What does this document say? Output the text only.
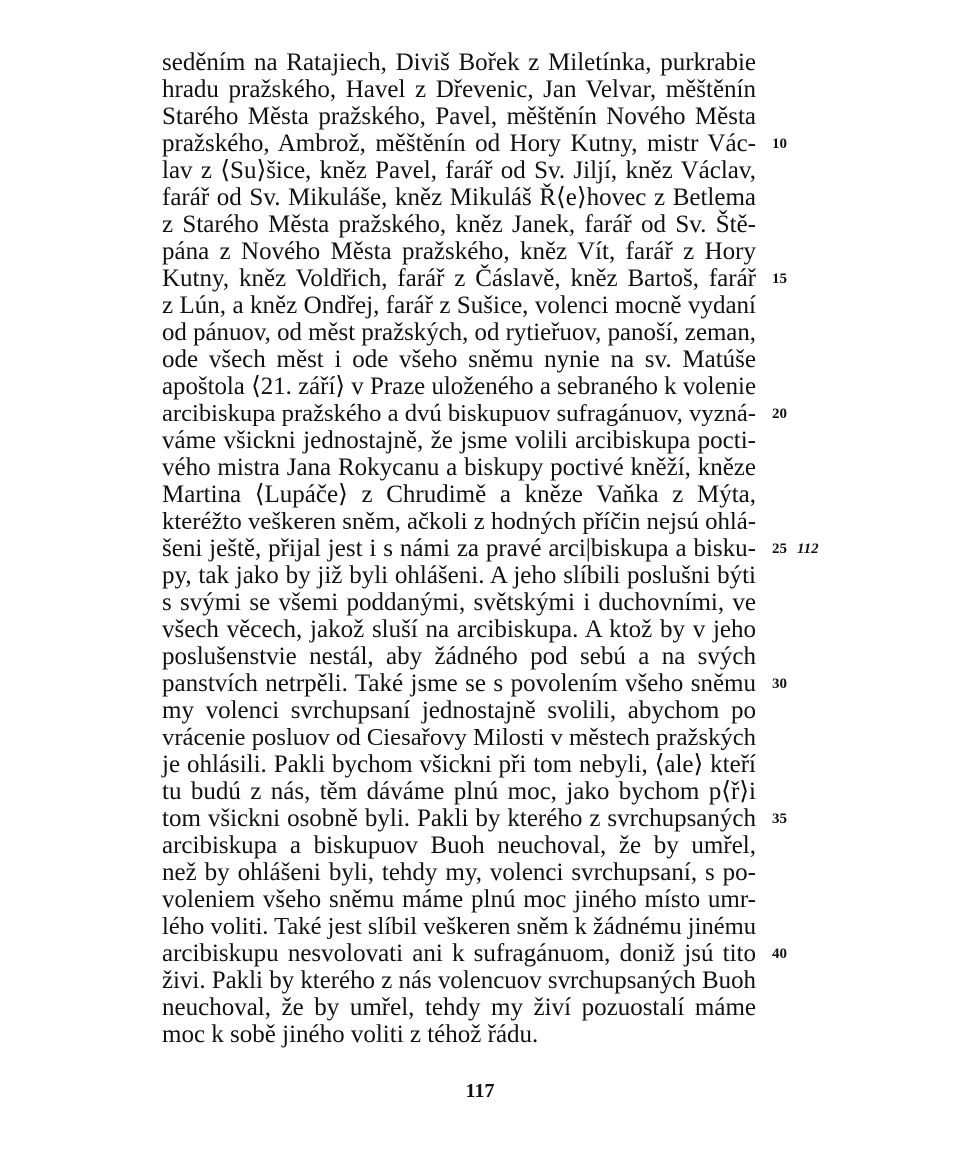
seděním na Ratajiech, Diviš Bořek z Miletínka, purkrabie
hradu pražského, Havel z Dřevenic, Jan Velvar, měštěnín
Starého Města pražského, Pavel, měštěnín Nového Města
pražského, Ambrož, měštěnín od Hory Kutny, mistr Vác- 10
lav z ⟨Su⟩šice, kněz Pavel, farář od Sv. Jiljí, kněz Václav,
farář od Sv. Mikuláše, kněz Mikuláš Ř⟨e⟩hovec z Betlema
z Starého Města pražského, kněz Janek, farář od Sv. Ště-
pána z Nového Města pražského, kněz Vít, farář z Hory
Kutny, kněz Voldřich, farář z Čáslavě, kněz Bartoš, farář 15
z Lún, a kněz Ondřej, farář z Sušice, volenci mocně vydaní
od pánuov, od měst pražských, od rytieřuov, panoší, zeman,
ode všech měst i ode všeho sněmu nynie na sv. Matúše
apoštola ⟨21. září⟩ v Praze uloženého a sebraného k volenie
arcibiskupa pražského a dvú biskupuov sufragánuov, vyzná- 20
váme všickni jednostajně, že jsme volili arcibiskupa pocti-
vého mistra Jana Rokycanu a biskupy poctivé kněží, kněze
Martina ⟨Lupáče⟩ z Chrudimě a kněze Vaňka z Mýta,
kteréžto veškeren sněm, ačkoli z hodných příčin nejsú ohlá-
šeni ještě, přijal jest i s námi za pravé arci|biskupa a bisku- 25 112
py, tak jako by již byli ohlášeni. A jeho slíbili poslušni býti
s svými se všemi poddanými, světskými i duchovními, ve
všech věcech, jakož sluší na arcibiskupa. A ktož by v jeho
poslušenstvie nestál, aby žádného pod sebú a na svých
panstvích netrpěli. Také jsme se s povolením všeho sněmu 30
my volenci svrchupsaní jednostajně svolili, abychom po
vrácenie posluov od Ciesařovy Milosti v městech pražských
je ohlásili. Pakli bychom všickni při tom nebyli, ⟨ale⟩ kteří
tu budú z nás, těm dáváme plnú moc, jako bychom p⟨ř⟩i
tom všickni osobně byli. Pakli by kterého z svrchupsaných 35
arcibiskupa a biskupuov Buoh neuchoval, že by umřel,
než by ohlášeni byli, tehdy my, volenci svrchupsaní, s po-
voleniem všeho sněmu máme plnú moc jiného místo umr-
lého voliti. Také jest slíbil veškeren sněm k žádnému jinému
arcibiskupu nesvolovati ani k sufragánuom, doniž jsú tito 40
živi. Pakli by kterého z nás volencuov svrchupsaných Buoh
neuchoval, že by umřel, tehdy my živí pozuostalí máme
moc k sobě jiného voliti z téhož řádu.
117
